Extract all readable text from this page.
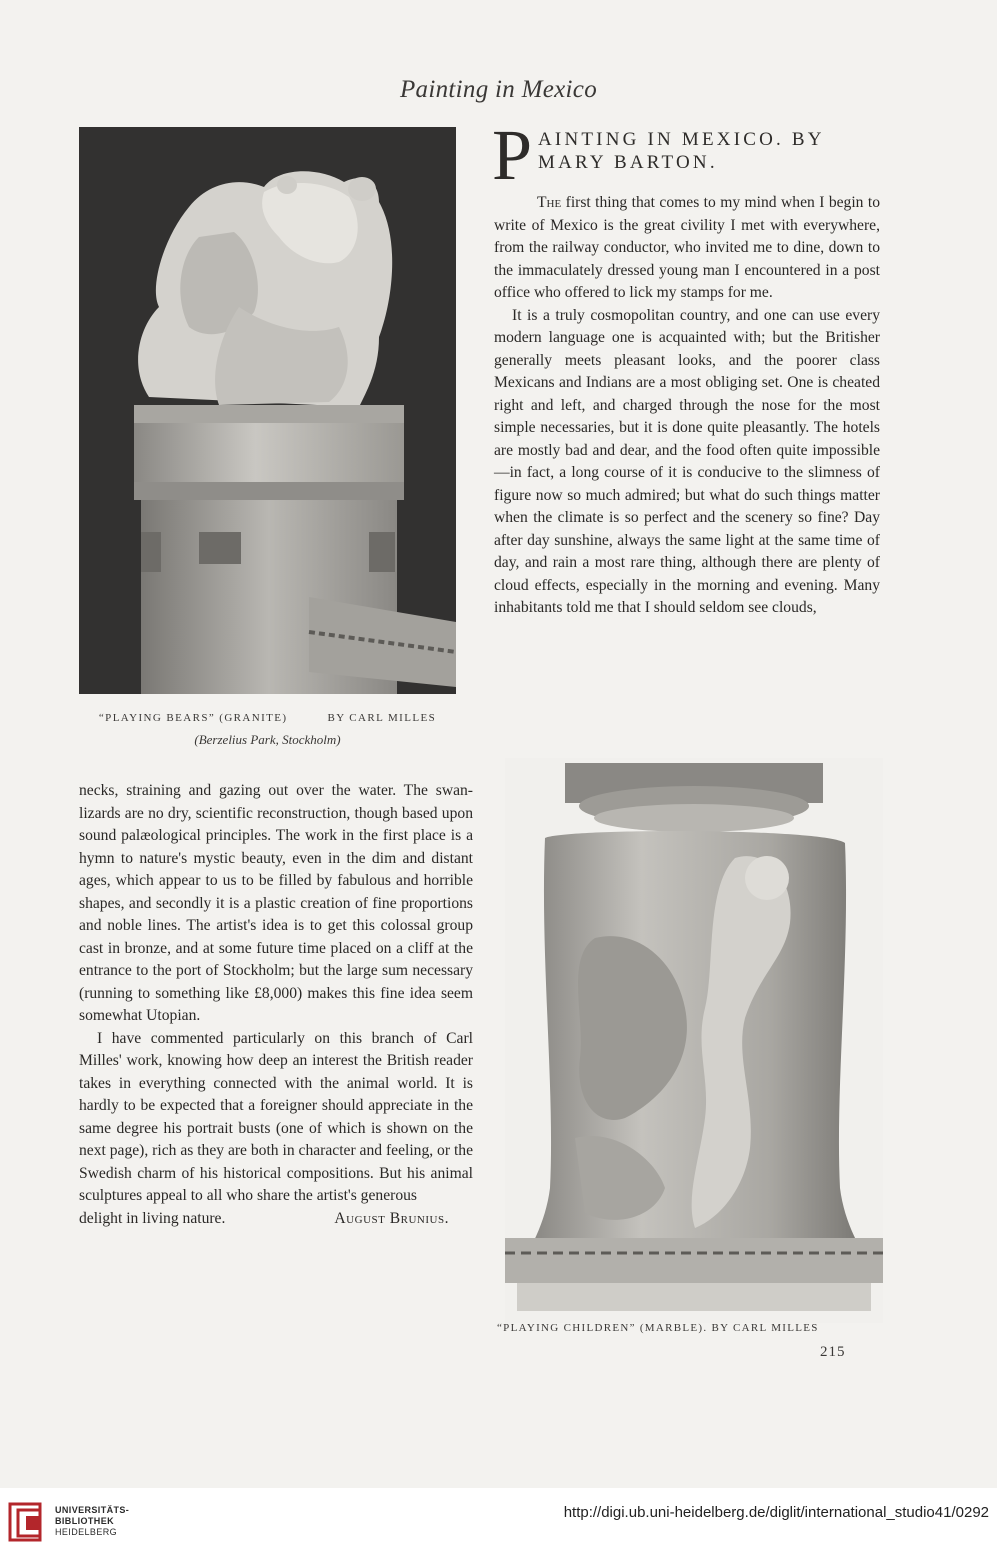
Painting in Mexico
“PLAYING BEARS” (GRANITE)	BY CARL MILLES
(Berzelius Park, Stockholm)
P AINTING IN MEXICO. BY MARY BARTON.

The first thing that comes to my mind when I begin to write of Mexico is the great civility I met with everywhere, from the railway conductor, who invited me to dine, down to the immaculately dressed young man I encountered in a post office who offered to lick my stamps for me.

It is a truly cosmopolitan country, and one can use every modern language one is acquainted with; but the Britisher generally meets pleasant looks, and the poorer class Mexicans and Indians are a most obliging set. One is cheated right and left, and charged through the nose for the most simple necessaries, but it is done quite pleasantly. The hotels are mostly bad and dear, and the food often quite impossible—in fact, a long course of it is conducive to the slimness of figure now so much admired; but what do such things matter when the climate is so perfect and the scenery so fine? Day after day sunshine, always the same light at the same time of day, and rain a most rare thing, although there are plenty of cloud effects, especially in the morning and evening. Many inhabitants told me that I should seldom see clouds,

necks, straining and gazing out over the water. The swan-lizards are no dry, scientific reconstruction, though based upon sound palæological principles. The work in the first place is a hymn to nature's mystic beauty, even in the dim and distant ages, which appear to us to be filled by fabulous and horrible shapes, and secondly it is a plastic creation of fine proportions and noble lines. The artist's idea is to get this colossal group cast in bronze, and at some future time placed on a cliff at the entrance to the port of Stockholm; but the large sum necessary (running to something like £8,000) makes this fine idea seem somewhat Utopian.

I have commented particularly on this branch of Carl Milles' work, knowing how deep an interest the British reader takes in everything connected with the animal world. It is hardly to be expected that a foreigner should appreciate in the same degree his portrait busts (one of which is shown on the next page), rich as they are both in character and feeling, or the Swedish charm of his historical compositions. But his animal sculptures appeal to all who share the artist's generous

delight in living nature.	August Brunius.
“PLAYING CHILDREN” (MARBLE). BY CARL MILLES
215
UNIVERSITÄTS-
BIBLIOTHEK
HEIDELBERG
http://digi.ub.uni-heidelberg.de/diglit/international_studio41/0292
